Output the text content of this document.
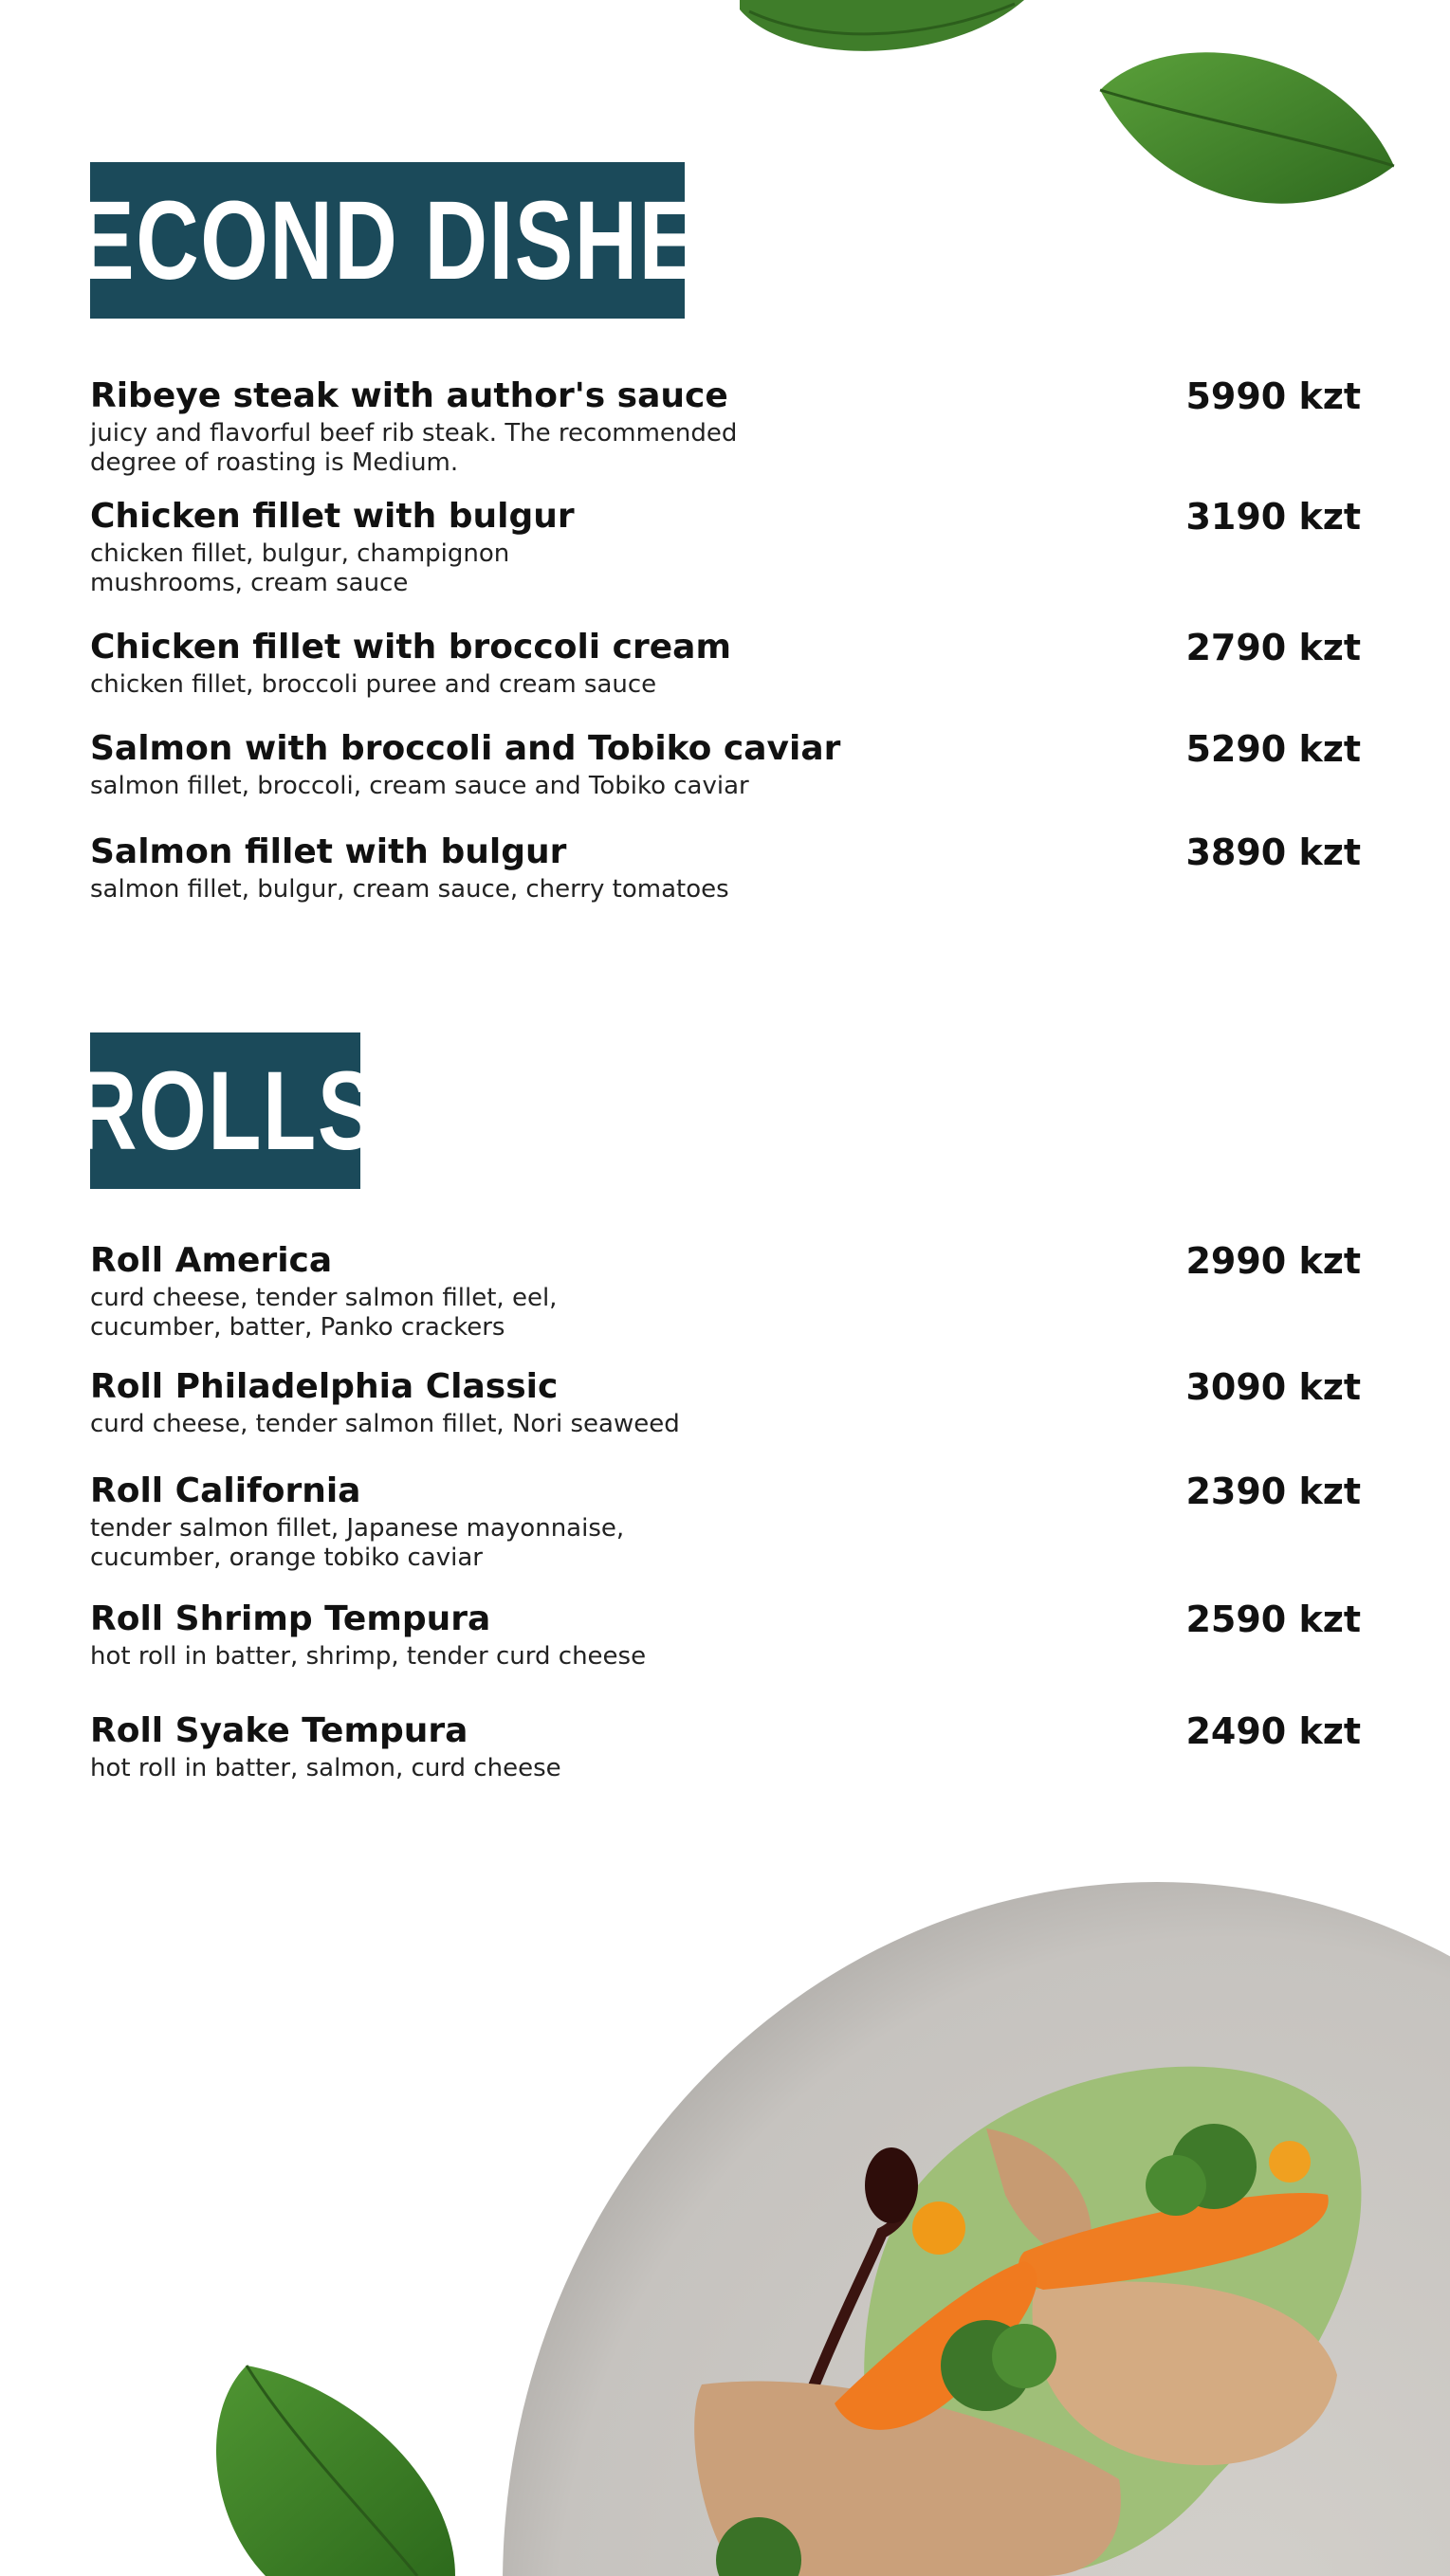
SECOND DISHES
Ribeye steak with author's sauce
juicy and flavorful beef rib steak. The recommended
degree of roasting is Medium.
5990 kzt
Chicken fillet with bulgur
chicken fillet, bulgur, champignon
mushrooms, cream sauce
3190 kzt
Chicken fillet with broccoli cream
chicken fillet, broccoli puree and cream sauce
2790 kzt
Salmon with broccoli and Tobiko caviar
salmon fillet, broccoli, cream sauce and Tobiko caviar
5290 kzt
Salmon fillet with bulgur
salmon fillet, bulgur, cream sauce, cherry tomatoes
3890 kzt
ROLLS
Roll America
curd cheese, tender salmon fillet, eel,
cucumber, batter, Panko crackers
2990 kzt
Roll Philadelphia Classic
curd cheese, tender salmon fillet, Nori seaweed
3090 kzt
Roll California
tender salmon fillet, Japanese mayonnaise,
cucumber, orange tobiko caviar
2390 kzt
Roll Shrimp Tempura
hot roll in batter, shrimp, tender curd cheese
2590 kzt
Roll Syake Tempura
hot roll in batter, salmon, curd cheese
2490 kzt
